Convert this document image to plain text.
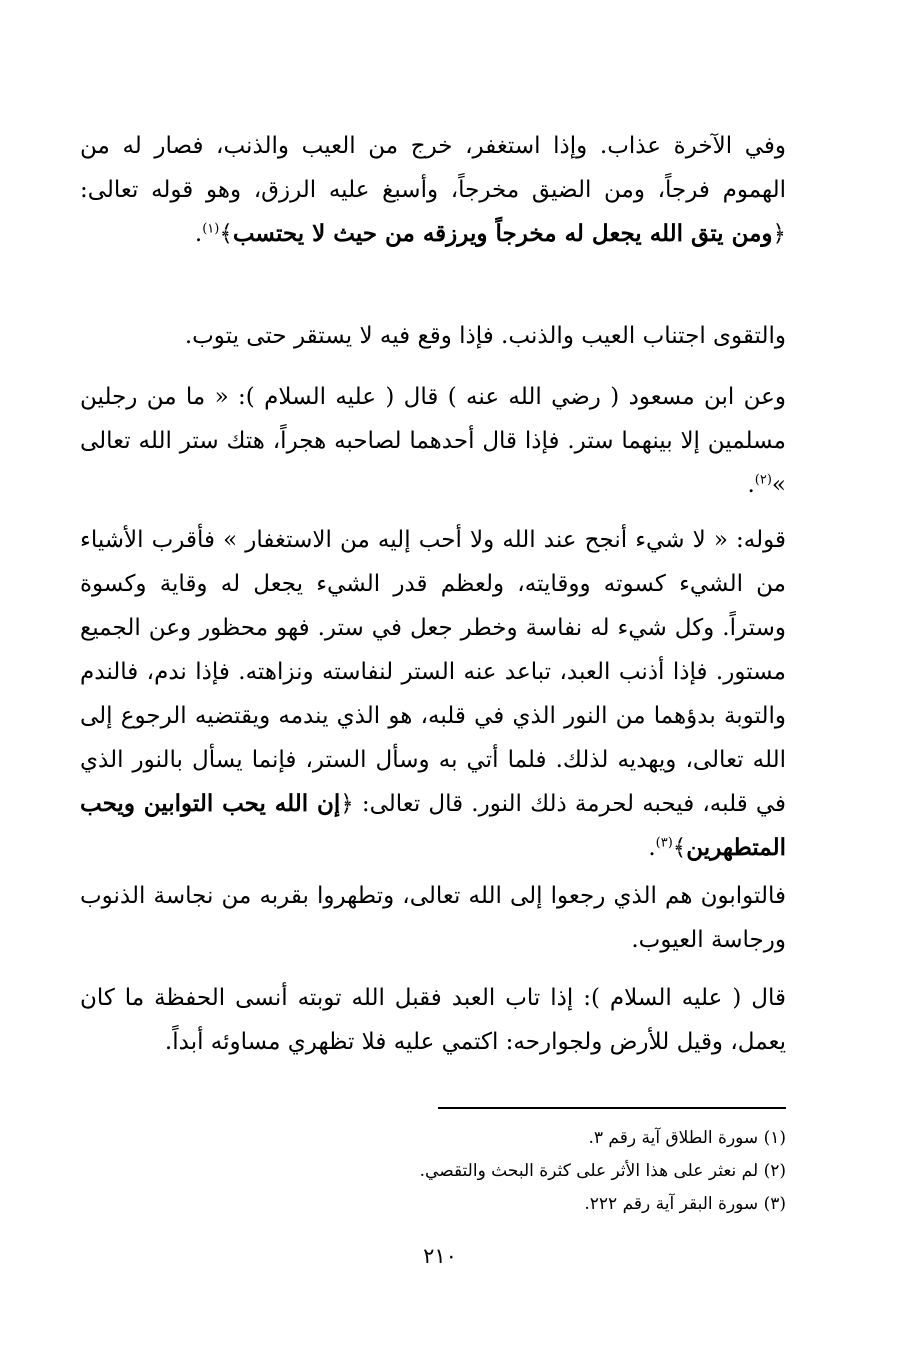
وفي الآخرة عذاب. وإذا استغفر، خرج من العيب والذنب، فصار له من الهموم فرجاً، ومن الضيق مخرجاً، وأسبغ عليه الرزق، وهو قوله تعالى: ﴿ومن يتق الله يجعل له مخرجاً ويرزقه من حيث لا يحتسب﴾$^{(١)}$.
والتقوى اجتناب العيب والذنب. فإذا وقع فيه لا يستقر حتى يتوب.
وعن ابن مسعود ( رضي الله عنه ) قال ( عليه السلام ): « ما من رجلين مسلمين إلا بينهما ستر. فإذا قال أحدهما لصاحبه هجراً، هتك ستر الله تعالى »$^{(٢)}$.
قوله: « لا شيء أنجح عند الله ولا أحب إليه من الاستغفار » فأقرب الأشياء من الشيء كسوته ووقايته، ولعظم قدر الشيء يجعل له وقاية وكسوة وستراً. وكل شيء له نفاسة وخطر جعل في ستر. فهو محظور وعن الجميع مستور. فإذا أذنب العبد، تباعد عنه الستر لنفاسته ونزاهته. فإذا ندم، فالندم والتوبة بدؤهما من النور الذي في قلبه، هو الذي يندمه ويقتضيه الرجوع إلى الله تعالى، ويهديه لذلك. فلما أتي به وسأل الستر، فإنما يسأل بالنور الذي في قلبه، فيحبه لحرمة ذلك النور. قال تعالى: ﴿إن الله يحب التوابين ويحب المتطهرين﴾$^{(٣)}$.
فالتوابون هم الذي رجعوا إلى الله تعالى، وتطهروا بقربه من نجاسة الذنوب ورجاسة العيوب.
قال ( عليه السلام ): إذا تاب العبد فقبل الله توبته أنسى الحفظة ما كان يعمل، وقيل للأرض ولجوارحه: اكتمي عليه فلا تظهري مساوئه أبداً.
(١) سورة الطلاق آية رقم ٣.
(٢) لم نعثر على هذا الأثر على كثرة البحث والتقصي.
(٣) سورة البقر آية رقم ٢٢٢.
٢١٠
